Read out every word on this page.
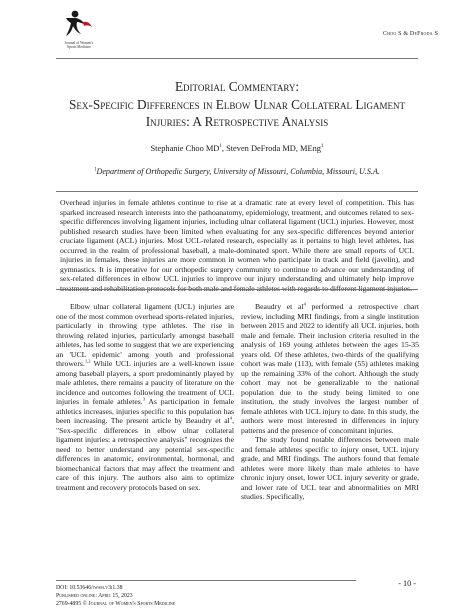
Journal of Women's
Sports Medicine
Choo S & DeFroda S
Editorial Commentary:
Sex-Specific Differences in Elbow Ulnar Collateral Ligament
Injuries: A Retrospective Analysis
Stephanie Choo $MD^1$, Steven DeFroda MD, MEng$^1$
$^1$Department of Orthopedic Surgery, University of Missouri, Columbia, Missouri, U.S.A.
Overhead injuries in female athletes continue to rise at a dramatic rate at every level of competition. This has sparked increased research interests into the pathoanatomy, epidemiology, treatment, and outcomes related to sex-specific differences involving ligament injuries, including ulnar collateral ligament (UCL) injuries. However, most published research studies have been limited when evaluating for any sex-specific differences beyond anterior cruciate ligament (ACL) injuries. Most UCL-related research, especially as it pertains to high level athletes, has occurred in the realm of professional baseball, a male-dominated sport. While there are small reports of UCL injuries in females, these injuries are more common in women who participate in track and field (javelin), and gymnastics. It is imperative for our orthopedic surgery community to continue to advance our understanding of sex-related differences in elbow UCL injuries to improve our injury understanding and ultimately help improve treatment and rehabilitation protocols for both male and female athletes with regards to different ligament injuries.

Elbow ulnar collateral ligament (UCL) injuries are one of the most common overhead sports-related injuries, particularly in throwing type athletes. The rise in throwing related injuries, particularly amongst baseball athletes, has led some to suggest that we are experiencing an 'UCL epidemic' among youth and professional throwers.$^{1,2}$ While UCL injuries are a well-known issue among baseball players, a sport predominantly played by male athletes, there remains a paucity of literature on the incidence and outcomes following the treatment of UCL injuries in female athletes.$^3$ As participation in female athletics increases, injuries specific to this population has been increasing. The present article by Beaudry et $al^4$, "Sex-specific differences in elbow ulnar collateral ligament injuries: a retrospective analysis" recognizes the need to better understand any potential sex-specific differences in anatomic, environmental, hormonal, and biomechanical factors that may affect the treatment and care of this injury. The authors also aim to optimize treatment and recovery protocols based on sex.

Beaudry et $al^4$ performed a retrospective chart review, including MRI findings, from a single institution between 2015 and 2022 to identify all UCL injuries, both male and female. Their inclusion criteria resulted in the analysis of 169 young athletes between the ages 15-35 years old. Of these athletes, two-thirds of the qualifying cohort was male (113), with female (55) athletes making up the remaining 33% of the cohort. Although the study cohort may not be generalizable to the national population due to the study being limited to one institution, the study involves the largest number of female athletes with UCL injury to date. In this study, the authors were most interested in differences in injury patterns and the presence of concomitant injuries.

The study found notable differences between male and female athletes specific to injury onset, UCL injury grade, and MRI findings. The authors found that female athletes were more likely than male athletes to have chronic injury onset, lower UCL injury severity or grade, and lower rate of UCL tear and abnormalities on MRI studies. Specifically,

- 10 -
DOI: 10.53646/jwsm.v3i1.38
Published online: April 15, 2023
2769-4895 © Journal of Women's Sports Medicine
